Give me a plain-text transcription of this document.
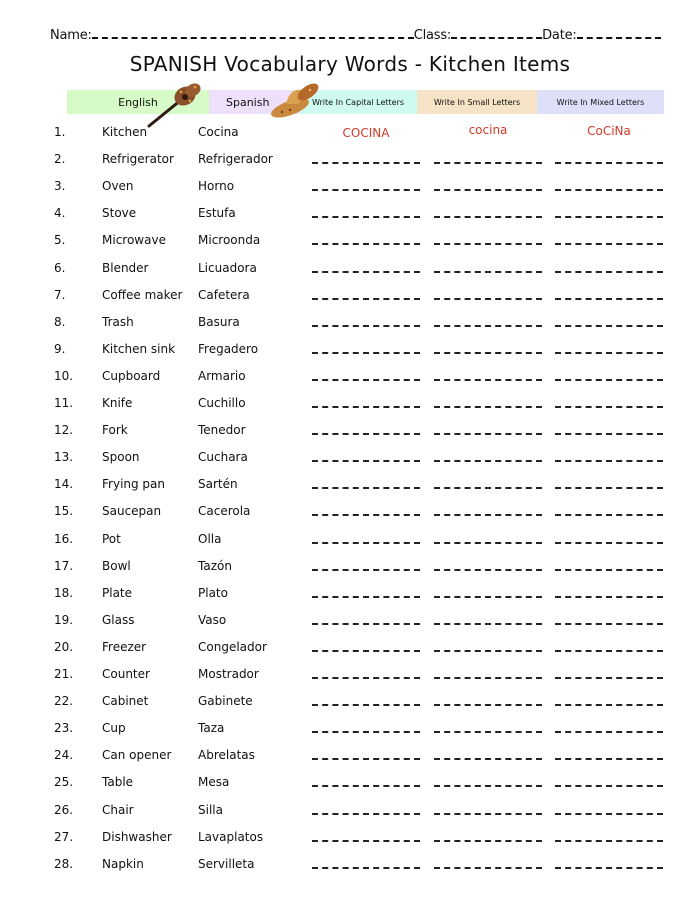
Name:	Class:	Date:
SPANISH Vocabulary Words - Kitchen Items
English	Spanish	Write In Capital Letters	Write In Small Letters	Write In Mixed Letters
1.	Kitchen	Cocina	COCINA	cocina	CoCiNa
2.	Refrigerator Refrigerador
3.	Oven	Horno
4.	Stove	Estufa
5.	Microwave	Microonda
6.	Blender	Licuadora
7.	Coffee maker Cafetera
8.	Trash	Basura
9.	Kitchen sink Fregadero
10. Cupboard	Armario
11. Knife	Cuchillo
12. Fork	Tenedor
13. Spoon	Cuchara
14. Frying pan	Sartén
15. Saucepan	Cacerola
16. Pot	Olla
17. Bowl	Tazón
18. Plate	Plato
19. Glass	Vaso
20. Freezer	Congelador
21. Counter	Mostrador
22. Cabinet	Gabinete
23. Cup	Taza
24. Can opener Abrelatas
25. Table	Mesa
26. Chair	Silla
27. Dishwasher Lavaplatos
28. Napkin	Servilleta
